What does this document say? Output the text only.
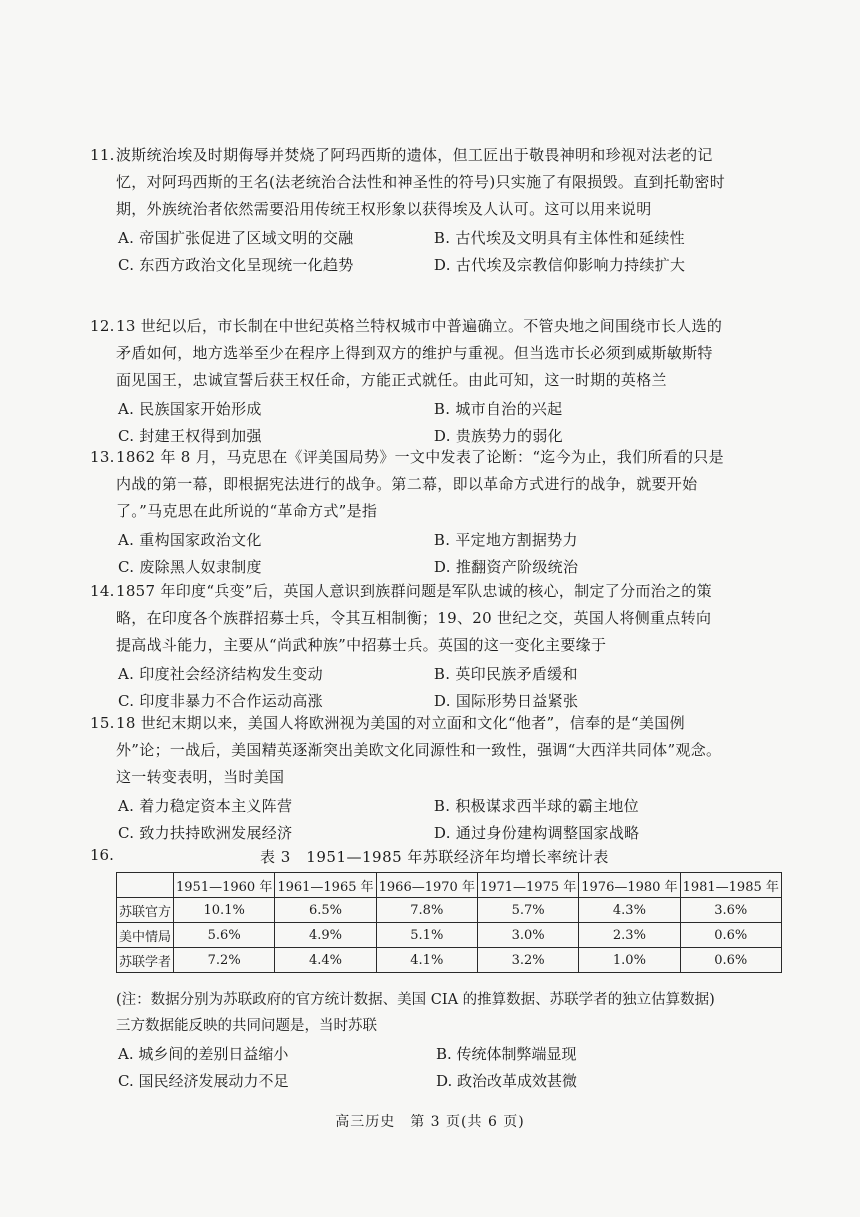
11.波斯统治埃及时期侮辱并焚烧了阿玛西斯的遗体，但工匠出于敬畏神明和珍视对法老的记忆，对阿玛西斯的王名(法老统治合法性和神圣性的符号)只实施了有限损毁。直到托勒密时期，外族统治者依然需要沿用传统王权形象以获得埃及人认可。这可以用来说明

A. 帝国扩张促进了区域文明的交融	B. 古代埃及文明具有主体性和延续性
C. 东西方政治文化呈现统一化趋势	D. 古代埃及宗教信仰影响力持续扩大

12.13 世纪以后，市长制在中世纪英格兰特权城市中普遍确立。不管央地之间围绕市长人选的矛盾如何，地方选举至少在程序上得到双方的维护与重视。但当选市长必须到威斯敏斯特面见国王，忠诚宣誓后获王权任命，方能正式就任。由此可知，这一时期的英格兰

A. 民族国家开始形成	B. 城市自治的兴起
C. 封建王权得到加强	D. 贵族势力的弱化

13.1862 年 8 月，马克思在《评美国局势》一文中发表了论断：“迄今为止，我们所看的只是内战的第一幕，即根据宪法进行的战争。第二幕，即以革命方式进行的战争，就要开始了。”马克思在此所说的“革命方式”是指

A. 重构国家政治文化	B. 平定地方割据势力
C. 废除黑人奴隶制度	D. 推翻资产阶级统治

14.1857 年印度“兵变”后，英国人意识到族群问题是军队忠诚的核心，制定了分而治之的策略，在印度各个族群招募士兵，令其互相制衡；19、20 世纪之交，英国人将侧重点转向提高战斗能力，主要从“尚武种族”中招募士兵。英国的这一变化主要缘于

A. 印度社会经济结构发生变动	B. 英印民族矛盾缓和
C. 印度非暴力不合作运动高涨	D. 国际形势日益紧张

15.18 世纪末期以来，美国人将欧洲视为美国的对立面和文化“他者”，信奉的是“美国例外”论；一战后，美国精英逐渐突出美欧文化同源性和一致性，强调“大西洋共同体”观念。这一转变表明，当时美国

A. 着力稳定资本主义阵营	B. 积极谋求西半球的霸主地位
C. 致力扶持欧洲发展经济	D. 通过身份建构调整国家战略
16.	表 3　1951—1985 年苏联经济年均增长率统计表
	1951—1960 年	1961—1965 年	1966—1970 年	1971—1975 年	1976—1980 年	1981—1985 年
苏联官方	10.1%	6.5%	7.8%	5.7%	4.3%	3.6%
美中情局	5.6%	4.9%	5.1%	3.0%	2.3%	0.6%
苏联学者	7.2%	4.4%	4.1%	3.2%	1.0%	0.6%
(注：数据分别为苏联政府的官方统计数据、美国 CIA 的推算数据、苏联学者的独立估算数据)
三方数据能反映的共同问题是，当时苏联
A. 城乡间的差别日益缩小	B. 传统体制弊端显现
C. 国民经济发展动力不足	D. 政治改革成效甚微
高三历史　第 3 页(共 6 页)
